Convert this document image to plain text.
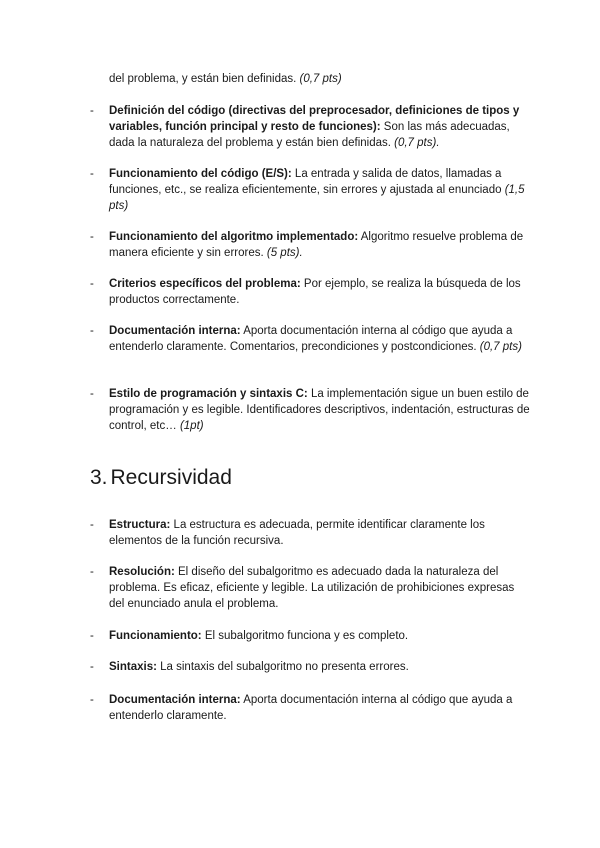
del problema, y están bien definidas. (0,7 pts)
-	Definición del código (directivas del preprocesador, definiciones de tipos y variables, función principal y resto de funciones): Son las más adecuadas, dada la naturaleza del problema y están bien definidas. (0,7 pts).
-	Funcionamiento del código (E/S): La entrada y salida de datos, llamadas a funciones, etc., se realiza eficientemente, sin errores y ajustada al enunciado (1,5 pts)
-	Funcionamiento del algoritmo implementado: Algoritmo resuelve problema de manera eficiente y sin errores. (5 pts).
-	Criterios específicos del problema: Por ejemplo, se realiza la búsqueda de los productos correctamente.
-	Documentación interna: Aporta documentación interna al código que ayuda a entenderlo claramente. Comentarios, precondiciones y postcondiciones. (0,7 pts)
-	Estilo de programación y sintaxis C: La implementación sigue un buen estilo de programación y es legible. Identificadores descriptivos, indentación, estructuras de control, etc… (1pt)
3. Recursividad
-	Estructura: La estructura es adecuada, permite identificar claramente los elementos de la función recursiva.
-	Resolución: El diseño del subalgoritmo es adecuado dada la naturaleza del problema. Es eficaz, eficiente y legible. La utilización de prohibiciones expresas del enunciado anula el problema.
-	Funcionamiento: El subalgoritmo funciona y es completo.
-	Sintaxis: La sintaxis del subalgoritmo no presenta errores.
-	Documentación interna: Aporta documentación interna al código que ayuda a entenderlo claramente.
